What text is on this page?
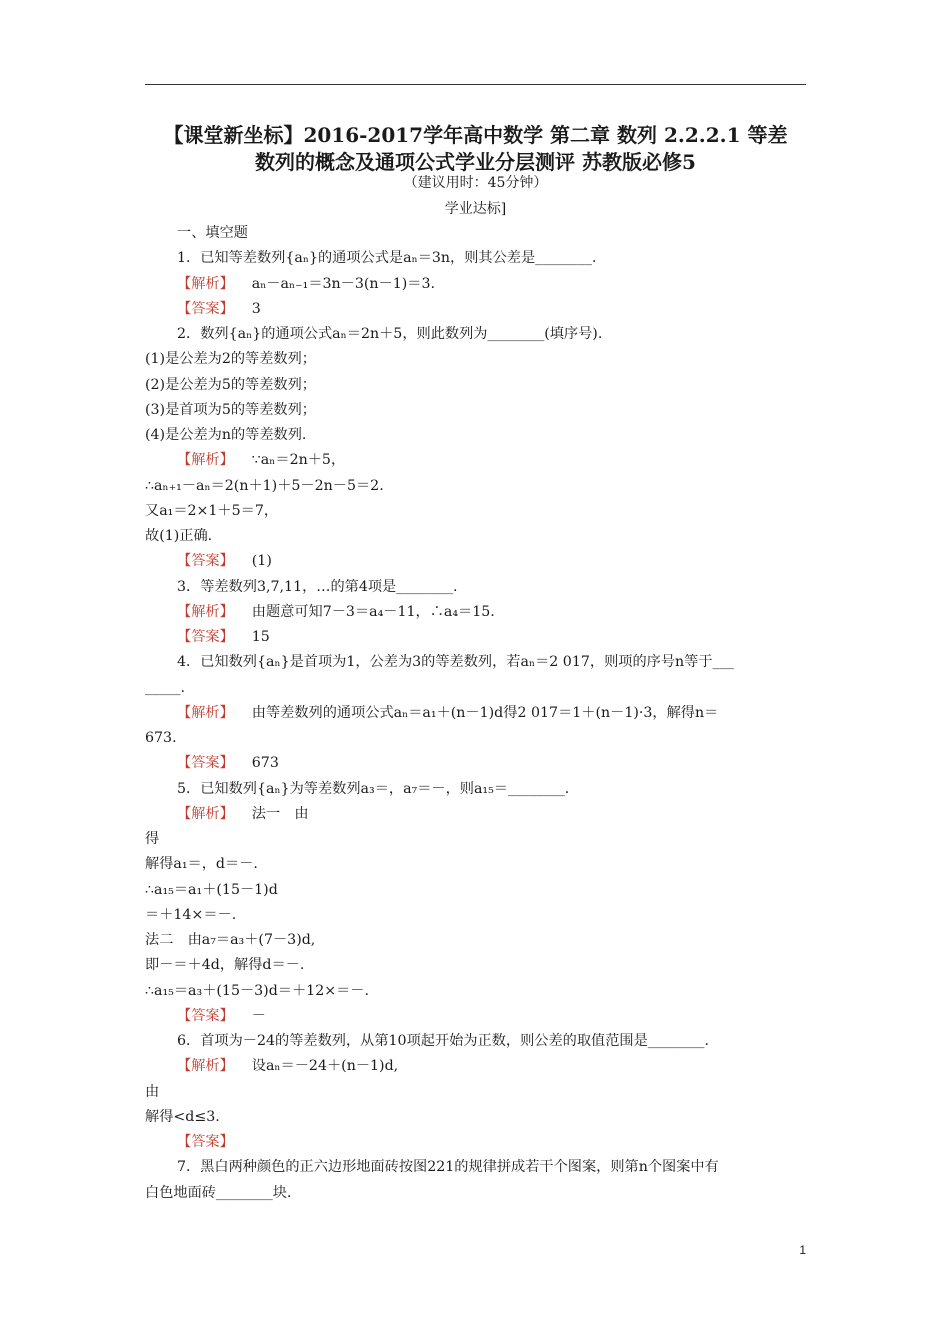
【课堂新坐标】2016-2017学年高中数学 第二章 数列 2.2.2.1 等差
数列的概念及通项公式学业分层测评 苏教版必修5
（建议用时：45分钟）
学业达标]
一、填空题
1．已知等差数列{aₙ}的通项公式是aₙ＝3n，则其公差是________.
【解析】 aₙ－aₙ₋₁＝3n－3(n－1)＝3.
【答案】 3
2．数列{aₙ}的通项公式aₙ＝2n＋5，则此数列为________(填序号).
(1)是公差为2的等差数列；
(2)是公差为5的等差数列；
(3)是首项为5的等差数列；
(4)是公差为n的等差数列.
【解析】 ∵aₙ＝2n＋5，
∴aₙ₊₁－aₙ＝2(n＋1)＋5－2n－5＝2.
又a₁＝2×1＋5＝7，
故(1)正确.
【答案】 (1)
3．等差数列3,7,11，…的第4项是________.
【解析】 由题意可知7－3＝a₄－11，∴a₄＝15.
【答案】 15
4．已知数列{aₙ}是首项为1，公差为3的等差数列，若aₙ＝2 017，则项的序号n等于___
_____.
【解析】 由等差数列的通项公式aₙ＝a₁＋(n－1)d得2 017＝1＋(n－1)·3，解得n＝
673.
【答案】 673
5．已知数列{aₙ}为等差数列a₃＝，a₇＝－，则a₁₅＝________.
【解析】 法一　由
得
解得a₁＝，d＝－.
∴a₁₅＝a₁＋(15－1)d
＝＋14×＝－.
法二　由a₇＝a₃＋(7－3)d,
即－＝＋4d，解得d＝－.
∴a₁₅＝a₃＋(15－3)d＝＋12×＝－.
【答案】 －
6．首项为－24的等差数列，从第10项起开始为正数，则公差的取值范围是________.
【解析】 设aₙ＝－24＋(n－1)d,
由
解得<d≤3.
【答案】
7．黑白两种颜色的正六边形地面砖按图221的规律拼成若干个图案，则第n个图案中有
白色地面砖________块.
1
